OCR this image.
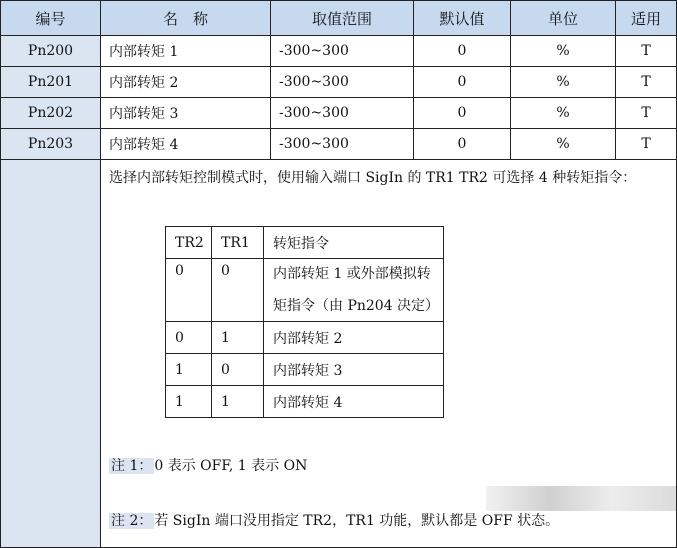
编号	名　称	取值范围	默认值	单位	适用
Pn200	内部转矩 1	-300~300	0	%	T
Pn201	内部转矩 2	-300~300	0	%	T
Pn202	内部转矩 3	-300~300	0	%	T
Pn203	内部转矩 4	-300~300	0	%	T

选择内部转矩控制模式时，使用输入端口 SigIn 的 TR1 TR2 可选择 4 种转矩指令：

TR2	TR1	转矩指令
0	0	内部转矩 1 或外部模拟转
矩指令（由 Pn204 决定）

0	1	内部转矩 2
1	0	内部转矩 3
1	1	内部转矩 4

注 1： 0 表示 OFF, 1 表示 ON

注 2： 若 SigIn 端口没用指定 TR2，TR1 功能，默认都是 OFF 状态。
